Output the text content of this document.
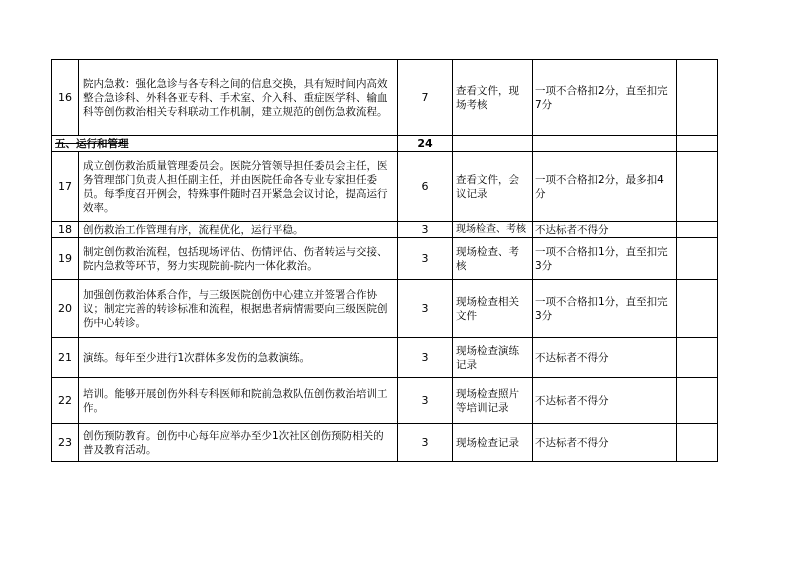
16	院内急救：强化急诊与各专科之间的信息交换，具有短时间内高效整合急诊科、外科各亚专科、手术室、介入科、重症医学科、输血科等创伤救治相关专科联动工作机制，建立规范的创伤急救流程。	7	查看文件，现场考核	一项不合格扣2分，直至扣完7分	
五、运行和管理		24			
17	成立创伤救治质量管理委员会。医院分管领导担任委员会主任，医务管理部门负责人担任副主任，并由医院任命各专业专家担任委员。每季度召开例会，特殊事件随时召开紧急会议讨论，提高运行效率。	6	查看文件，会议记录	一项不合格扣2分，最多扣4分	
18	创伤救治工作管理有序，流程优化，运行平稳。	3	现场检查、考核	不达标者不得分	
19	制定创伤救治流程，包括现场评估、伤情评估、伤者转运与交接、院内急救等环节，努力实现院前-院内一体化救治。	3	现场检查、考核	一项不合格扣1分，直至扣完3分	
20	加强创伤救治体系合作，与三级医院创伤中心建立并签署合作协议；制定完善的转诊标准和流程，根据患者病情需要向三级医院创伤中心转诊。	3	现场检查相关文件	一项不合格扣1分，直至扣完3分	
21	演练。每年至少进行1次群体多发伤的急救演练。	3	现场检查演练记录	不达标者不得分	
22	培训。能够开展创伤外科专科医师和院前急救队伍创伤救治培训工作。	3	现场检查照片等培训记录	不达标者不得分	
23	创伤预防教育。创伤中心每年应举办至少1次社区创伤预防相关的普及教育活动。	3	现场检查记录	不达标者不得分	
